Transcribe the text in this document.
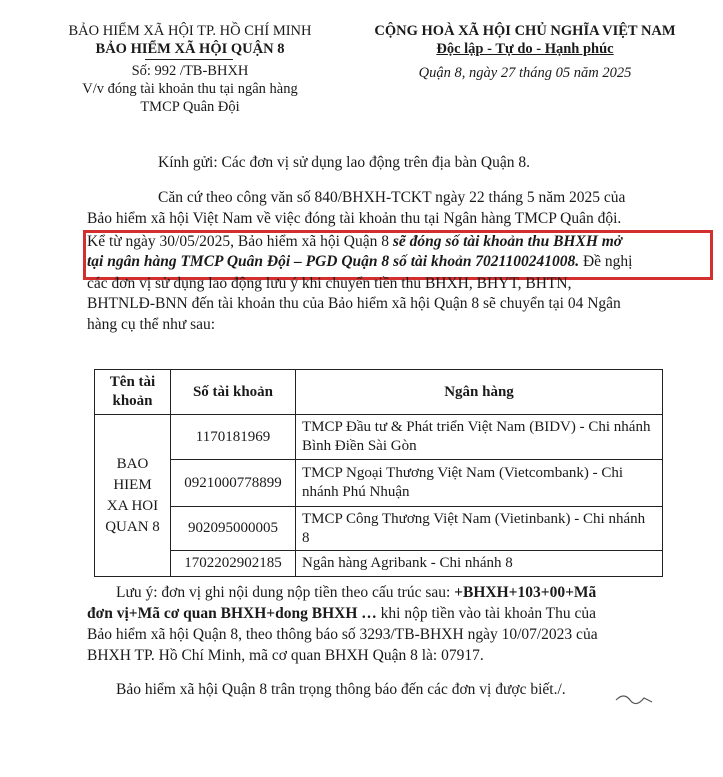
BẢO HIỂM XÃ HỘI TP. HỒ CHÍ MINH
BẢO HIỂM XÃ HỘI QUẬN 8
Số: 992 /TB-BHXH
V/v đóng tài khoản thu tại ngân hàng
TMCP Quân Đội
CỘNG HOÀ XÃ HỘI CHỦ NGHĨA VIỆT NAM
Độc lập - Tự do - Hạnh phúc
Quận 8, ngày 27 tháng 05 năm 2025
Kính gửi: Các đơn vị sử dụng lao động trên địa bàn Quận 8.
Căn cứ theo công văn số 840/BHXH-TCKT ngày 22 tháng 5 năm 2025 của
Bảo hiểm xã hội Việt Nam về việc đóng tài khoản thu tại Ngân hàng TMCP Quân đội.
Kể từ ngày 30/05/2025, Bảo hiểm xã hội Quận 8 sẽ đóng số tài khoản thu BHXH mở
tại ngân hàng TMCP Quân Đội – PGD Quận 8 số tài khoản 7021100241008. Đề nghị
các đơn vị sử dụng lao động lưu ý khi chuyển tiền thu BHXH, BHYT, BHTN,
BHTNLĐ-BNN đến tài khoản thu của Bảo hiểm xã hội Quận 8 sẽ chuyển tại 04 Ngân
hàng cụ thể như sau:
Tên tài khoản	Số tài khoản	Ngân hàng
BAO HIEM XA HOI QUAN 8	1170181969	TMCP Đầu tư & Phát triển Việt Nam (BIDV) - Chi nhánh Bình Điền Sài Gòn
	0921000778899	TMCP Ngoại Thương Việt Nam (Vietcombank) - Chi nhánh Phú Nhuận
	902095000005	TMCP Công Thương Việt Nam (Vietinbank) - Chi nhánh 8
	1702202902185	Ngân hàng Agribank - Chi nhánh 8
Lưu ý: đơn vị ghi nội dung nộp tiền theo cấu trúc sau: +BHXH+103+00+Mã
đơn vị+Mã cơ quan BHXH+dong BHXH … khi nộp tiền vào tài khoản Thu của
Bảo hiểm xã hội Quận 8, theo thông báo số 3293/TB-BHXH ngày 10/07/2023 của
BHXH TP. Hồ Chí Minh, mã cơ quan BHXH Quận 8 là: 07917.
Bảo hiểm xã hội Quận 8 trân trọng thông báo đến các đơn vị được biết./.
